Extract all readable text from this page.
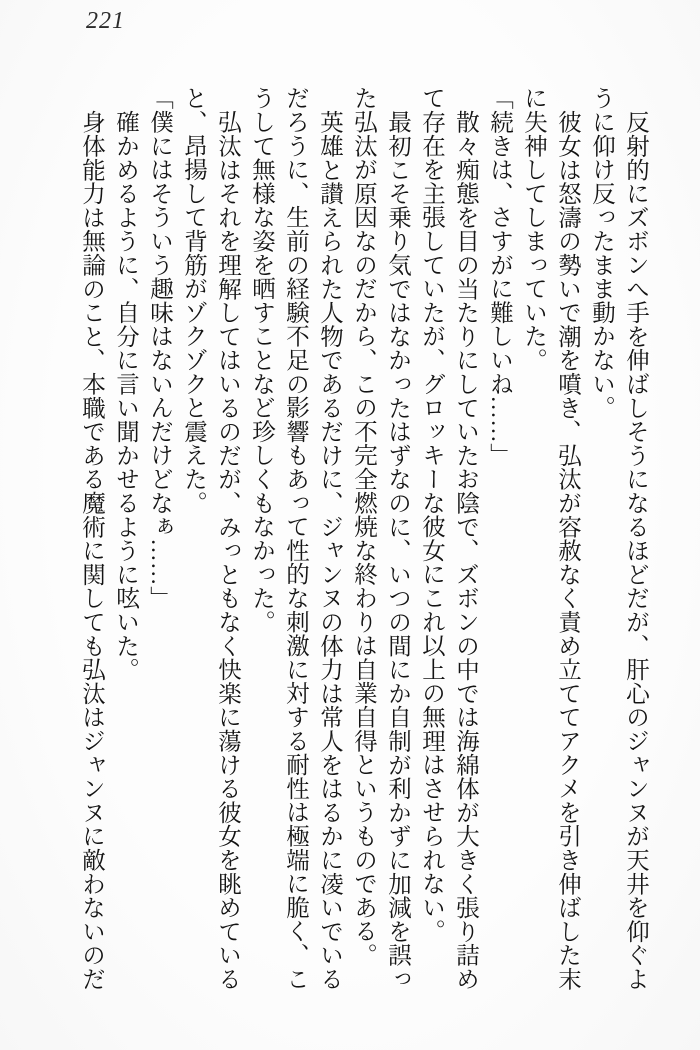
221

反射的にズボンへ手を伸ばしそうになるほどだが、肝心のジャンヌが天井を仰ぐように仰け反ったまま動かない。

彼女は怒濤の勢いで潮を噴き、弘汰が容赦なく責め立ててアクメを引き伸ばした末に失神してしまっていた。

「続きは、さすがに難しいね……」

散々痴態を目の当たりにしていたお陰で、ズボンの中では海綿体が大きく張り詰めて存在を主張していたが、グロッキーな彼女にこれ以上の無理はさせられない。

最初こそ乗り気ではなかったはずなのに、いつの間にか自制が利かずに加減を誤った弘汰が原因なのだから、この不完全燃焼な終わりは自業自得というものである。

英雄と讃えられた人物であるだけに、ジャンヌの体力は常人をはるかに凌いでいるだろうに、生前の経験不足の影響もあって性的な刺激に対する耐性は極端に脆く、こうして無様な姿を晒すことなど珍しくもなかった。

弘汰はそれを理解してはいるのだが、みっともなく快楽に蕩ける彼女を眺めていると、昂揚して背筋がゾクゾクと震えた。

「僕にはそういう趣味はないんだけどなぁ……」

確かめるように、自分に言い聞かせるように呟いた。

身体能力は無論のこと、本職である魔術に関しても弘汰はジャンヌに敵わないのだ
